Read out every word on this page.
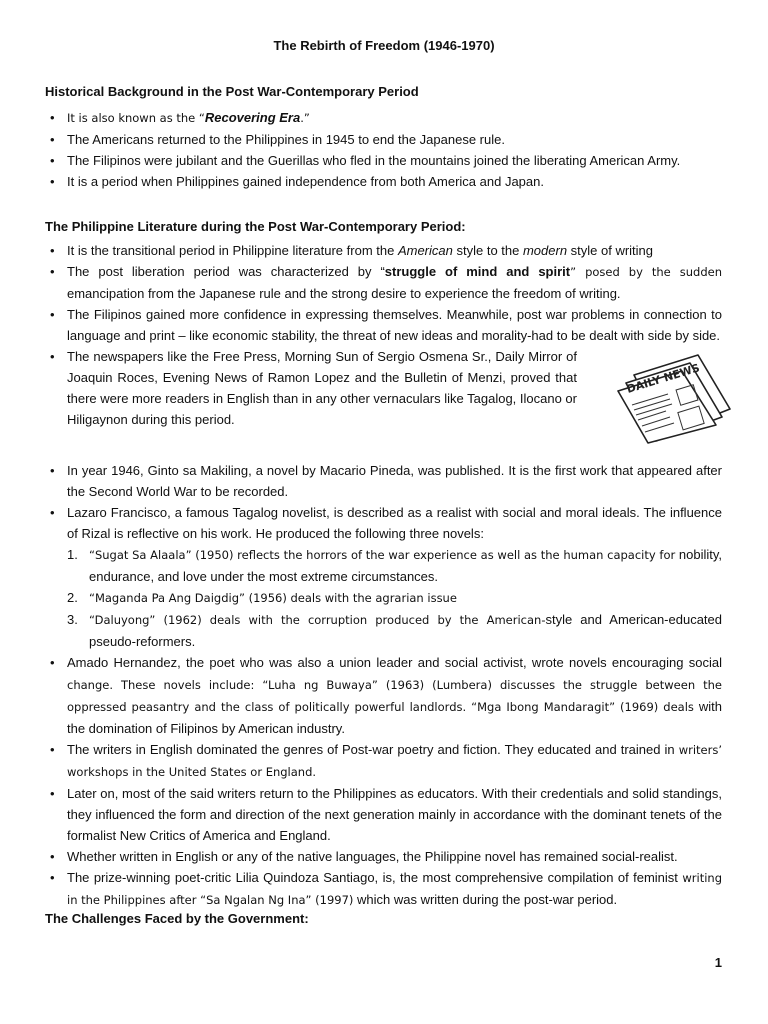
The Rebirth of Freedom (1946-1970)
Historical Background in the Post War-Contemporary Period
• It is also known as the “Recovering Era.”
• The Americans returned to the Philippines in 1945 to end the Japanese rule.
• The Filipinos were jubilant and the Guerillas who fled in the mountains joined the liberating American Army.
• It is a period when Philippines gained independence from both America and Japan.
The Philippine Literature during the Post War-Contemporary Period:
• It is the transitional period in Philippine literature from the American style to the modern style of writing
• The post liberation period was characterized by “struggle of mind and spirit” posed by the sudden emancipation from the Japanese rule and the strong desire to experience the freedom of writing.
• The Filipinos gained more confidence in expressing themselves. Meanwhile, post war problems in connection to language and print – like economic stability, the threat of new ideas and morality-had to be dealt with side by side.
• The newspapers like the Free Press, Morning Sun of Sergio Osmena Sr., Daily Mirror of Joaquin Roces, Evening News of Ramon Lopez and the Bulletin of Menzi, proved that there were more readers in English than in any other vernaculars like Tagalog, Ilocano or Hiligaynon during this period.
DAILY NEWS
• In year 1946, Ginto sa Makiling, a novel by Macario Pineda, was published. It is the first work that appeared after the Second World War to be recorded.
• Lazaro Francisco, a famous Tagalog novelist, is described as a realist with social and moral ideals. The influence of Rizal is reflective on his work. He produced the following three novels:
1. “Sugat Sa Alaala” (1950) reflects the horrors of the war experience as well as the human capacity for nobility, endurance, and love under the most extreme circumstances.
2. “Maganda Pa Ang Daigdig” (1956) deals with the agrarian issue
3. “Daluyong” (1962) deals with the corruption produced by the American-style and American-educated pseudo-reformers.
• Amado Hernandez, the poet who was also a union leader and social activist, wrote novels encouraging social change. These novels include: “Luha ng Buwaya” (1963) (Lumbera) discusses the struggle between the oppressed peasantry and the class of politically powerful landlords. “Mga Ibong Mandaragit” (1969) deals with the domination of Filipinos by American industry.
• The writers in English dominated the genres of Post-war poetry and fiction. They educated and trained in writers’ workshops in the United States or England.
• Later on, most of the said writers return to the Philippines as educators. With their credentials and solid standings, they influenced the form and direction of the next generation mainly in accordance with the dominant tenets of the formalist New Critics of America and England.
• Whether written in English or any of the native languages, the Philippine novel has remained social-realist.
• The prize-winning poet-critic Lilia Quindoza Santiago, is, the most comprehensive compilation of feminist writing in the Philippines after “Sa Ngalan Ng Ina” (1997) which was written during the post-war period.
The Challenges Faced by the Government:
1
